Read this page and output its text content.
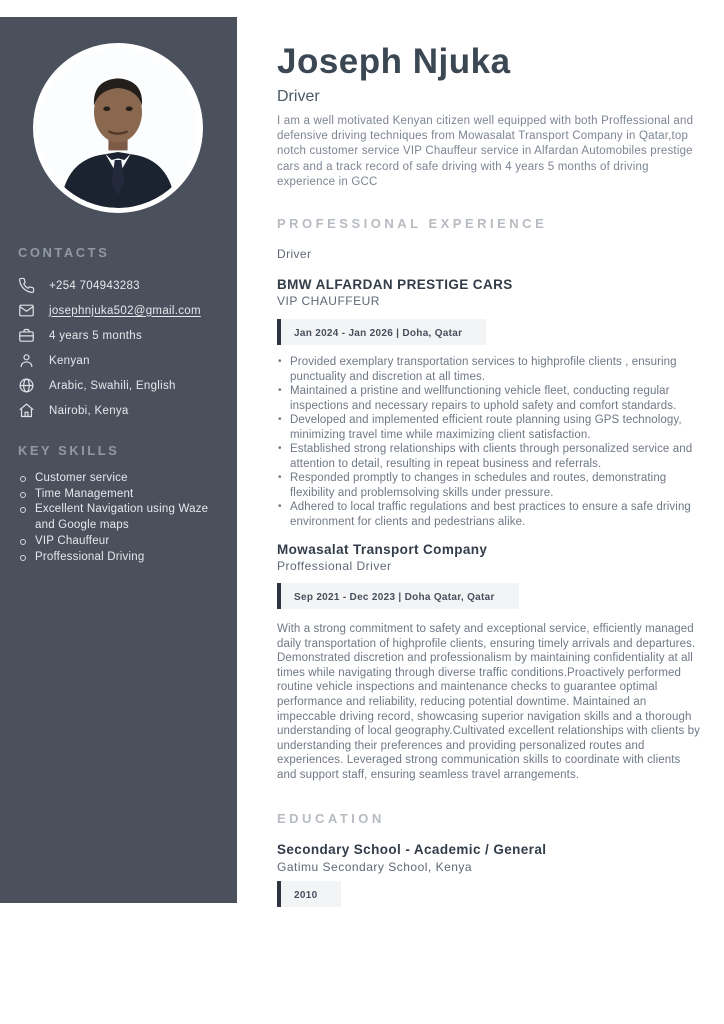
CONTACTS
+254 704943283
josephnjuka502@gmail.com
4 years 5 months
Kenyan
Arabic, Swahili, English
Nairobi, Kenya
KEY SKILLS
Customer service
Time Management
Excellent Navigation using Waze and Google maps
VIP Chauffeur
Proffessional Driving
Joseph Njuka
Driver

I am a well motivated Kenyan citizen well equipped with both Proffessional and defensive driving techniques from Mowasalat Transport Company in Qatar,top notch customer service VIP Chauffeur service in Alfardan Automobiles prestige cars and a track record of safe driving with 4 years 5 months of driving experience in GCC

PROFESSIONAL EXPERIENCE
Driver
BMW ALFARDAN PRESTIGE CARS
VIP CHAUFFEUR
Jan 2024 - Jan 2026 | Doha, Qatar
• Provided exemplary transportation services to highprofile clients , ensuring punctuality and discretion at all times.
• Maintained a pristine and wellfunctioning vehicle fleet, conducting regular inspections and necessary repairs to uphold safety and comfort standards.
• Developed and implemented efficient route planning using GPS technology, minimizing travel time while maximizing client satisfaction.
• Established strong relationships with clients through personalized service and attention to detail, resulting in repeat business and referrals.
• Responded promptly to changes in schedules and routes, demonstrating flexibility and problemsolving skills under pressure.
• Adhered to local traffic regulations and best practices to ensure a safe driving environment for clients and pedestrians alike.
Mowasalat Transport Company
Proffessional Driver
Sep 2021 - Dec 2023 | Doha Qatar, Qatar

With a strong commitment to safety and exceptional service, efficiently managed daily transportation of highprofile clients, ensuring timely arrivals and departures. Demonstrated discretion and professionalism by maintaining confidentiality at all times while navigating through diverse traffic conditions.Proactively performed routine vehicle inspections and maintenance checks to guarantee optimal performance and reliability, reducing potential downtime. Maintained an impeccable driving record, showcasing superior navigation skills and a thorough understanding of local geography.Cultivated excellent relationships with clients by understanding their preferences and providing personalized routes and experiences. Leveraged strong communication skills to coordinate with clients and support staff, ensuring seamless travel arrangements.

EDUCATION
Secondary School - Academic / General
Gatimu Secondary School, Kenya
2010
